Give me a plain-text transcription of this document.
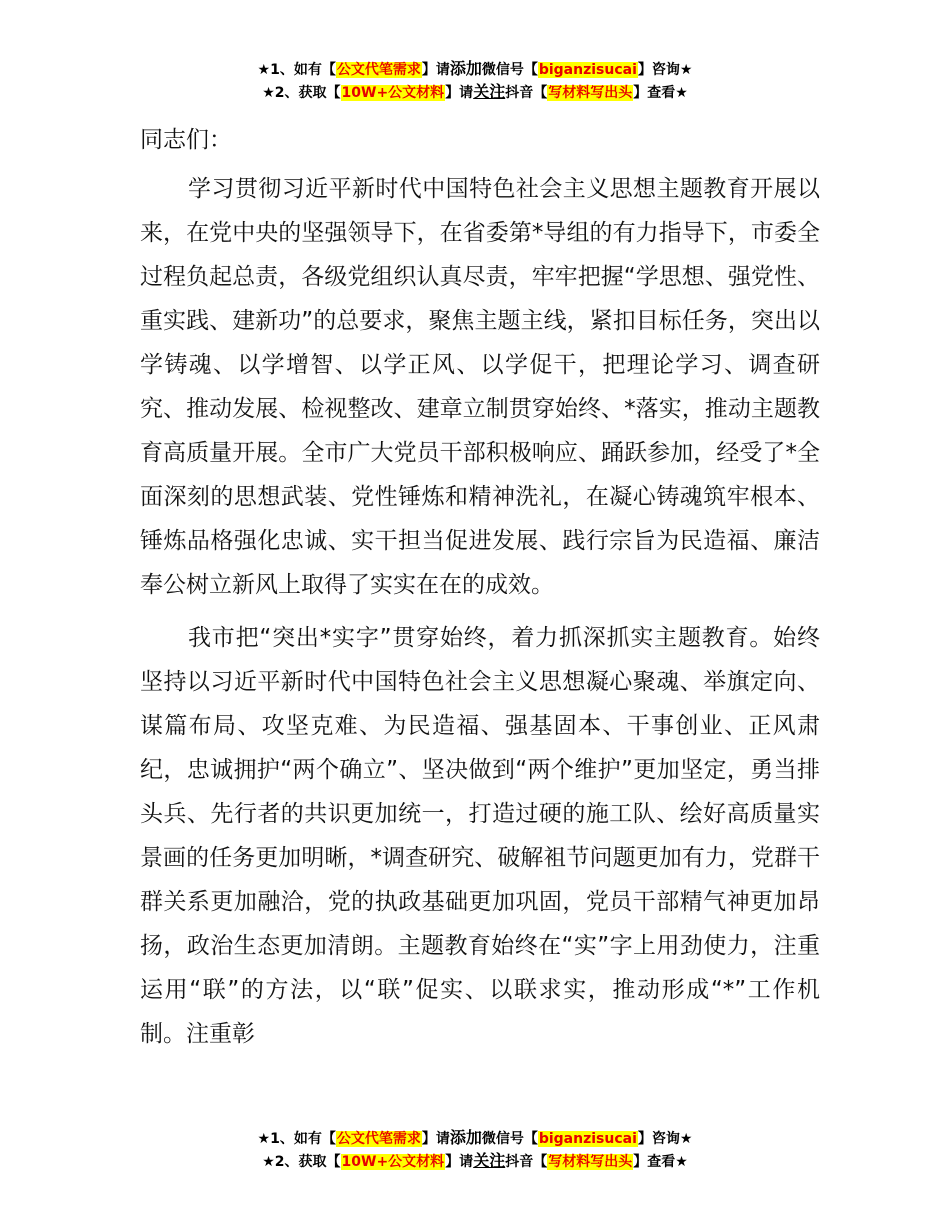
★1、如有【公文代笔需求】请添加微信号【biganzisucai】咨询★
★2、获取【10W+公文材料】请关注抖音【写材料写出头】查看★

同志们：

学习贯彻习近平新时代中国特色社会主义思想主题教育开展以来，在党中央的坚强领导下，在省委第*导组的有力指导下，市委全过程负起总责，各级党组织认真尽责，牢牢把握“学思想、强党性、重实践、建新功”的总要求，聚焦主题主线，紧扣目标任务，突出以学铸魂、以学增智、以学正风、以学促干，把理论学习、调查研究、推动发展、检视整改、建章立制贯穿始终、*落实，推动主题教育高质量开展。全市广大党员干部积极响应、踊跃参加，经受了*全面深刻的思想武装、党性锤炼和精神洗礼，在凝心铸魂筑牢根本、锤炼品格强化忠诚、实干担当促进发展、践行宗旨为民造福、廉洁奉公树立新风上取得了实实在在的成效。

我市把“突出*实字”贯穿始终，着力抓深抓实主题教育。始终坚持以习近平新时代中国特色社会主义思想凝心聚魂、举旗定向、谋篇布局、攻坚克难、为民造福、强基固本、干事创业、正风肃纪，忠诚拥护“两个确立”、坚决做到“两个维护”更加坚定，勇当排头兵、先行者的共识更加统一，打造过硬的施工队、绘好高质量实景画的任务更加明晰，*调查研究、破解袓节问题更加有力，党群干群关系更加融洽，党的执政基础更加巩固，党员干部精气神更加昂扬，政治生态更加清朗。主题教育始终在“实”字上用劲使力，注重运用“联”的方法，以“联”促实、以联求实，推动形成“*”工作机制。注重彰

★1、如有【公文代笔需求】请添加微信号【biganzisucai】咨询★
★2、获取【10W+公文材料】请关注抖音【写材料写出头】查看★
